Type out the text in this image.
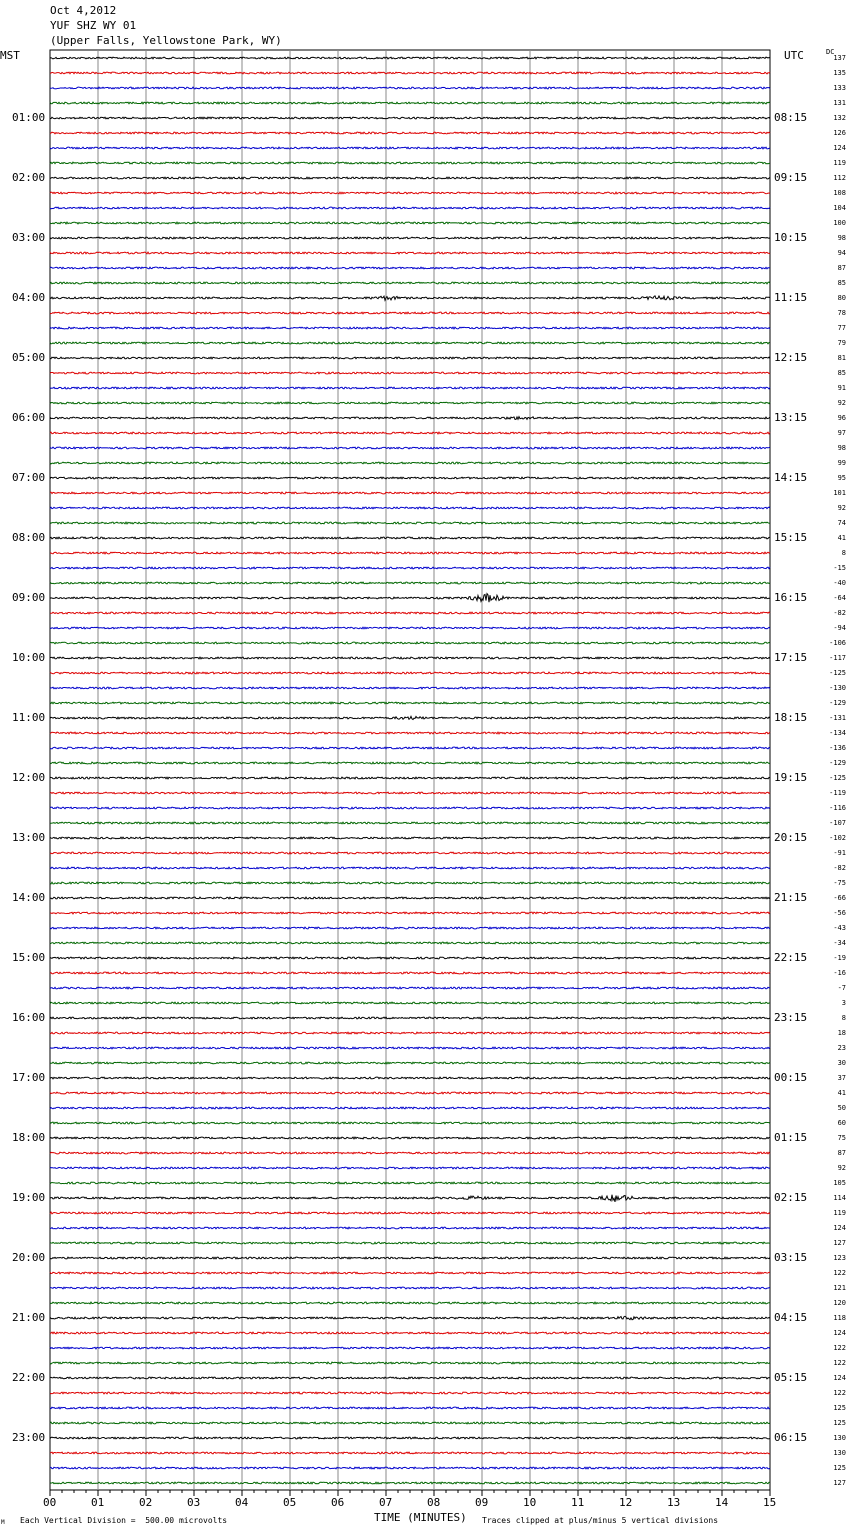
Oct 4,2012
YUF SHZ WY 01
(Upper Falls, Yellowstone Park, WY)
MST	UTC	DC
137
135
133
131
132
126
124
119
112
108
104
100
98
94
87
85
80
78
77
79
81
85
91
92
96
97
98
99
95
101
92
74
41
8
-15
-40
-64
-82
-94
-106
-117
-125
-130
-129
-131
-134
-136
-129
-125
-119
-116
-107
-102
-91
-82
-75
-66
-56
-43
-34
-19
-16
-7
3
8
18
23
30
37
41
50
60
75
87
92
105
114
119
124
127
123
122
121
120
118
124
122
122
124
122
125
125
130
130
125
127
01:00	08:15
02:00	09:15
03:00	10:15
04:00	11:15
05:00	12:15
06:00	13:15
07:00	14:15
08:00	15:15
09:00	16:15
10:00	17:15
11:00	18:15
12:00	19:15
13:00	20:15
14:00	21:15
15:00	22:15
16:00	23:15
17:00	00:15
18:00	01:15
19:00	02:15
20:00	03:15
21:00	04:15
22:00	05:15
23:00	06:15
00	01	02	03	04	05	06	07	08	09	10	11	12	13	14	15
TIME (MINUTES)
Each Vertical Division =  500.00 microvolts	Traces clipped at plus/minus 5 vertical divisions
M
